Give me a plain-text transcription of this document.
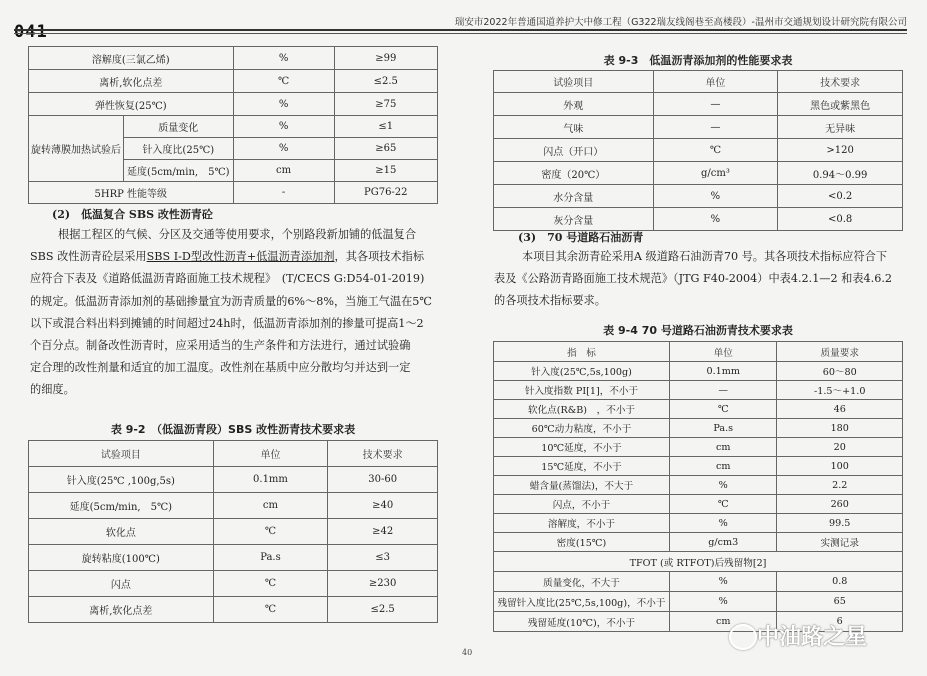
041	瑞安市2022年普通国道养护大中修工程（G322瑞友线阁巷至高楼段）-温州市交通规划设计研究院有限公司
溶解度(三氯乙烯)		%	≥99
离析,软化点差		℃	≤2.5
弹性恢复(25℃)		%	≥75
旋转薄膜加热试验后	质量变化	%	≤1
	针入度比(25℃)	%	≥65
	延度(5cm/min,　5℃)	cm	≥15
5HRP 性能等级		-	PG76-22
(2)　低温复合 SBS 改性沥青砼
根据工程区的气候、分区及交通等使用要求，个别路段新加铺的低温复合
SBS 改性沥青砼层采用SBS I-D型改性沥青+低温沥青添加剂，其各项技术指标
应符合下表及《道路低温沥青路面施工技术规程》　(T/CECS G:D54-01-2019)
的规定。低温沥青添加剂的基础掺量宜为沥青质量的6%～8%，当施工气温在5℃
以下或混合料出料到摊铺的时间超过24h时，低温沥青添加剂的掺量可提高1～2
个百分点。制备改性沥青时，应采用适当的生产条件和方法进行，通过试验确
定合理的改性剂量和适宜的加工温度。改性剂在基质中应分散均匀并达到一定
的细度。
表 9-2　（低温沥青段）SBS 改性沥青技术要求表
试验项目	单位	技术要求
针入度(25℃ ,100g,5s)	0.1mm	30-60
延度(5cm/min,　5℃)	cm	≥40
软化点	℃	≥42
旋转粘度(100℃)	Pa.s	≤3
闪点	℃	≥230
离析,软化点差	℃	≤2.5
表 9-3　低温沥青添加剂的性能要求表
试验项目	单位	技术要求
外观	—	黑色或紫黑色
气味	—	无异味
闪点（开口）	℃	>120
密度（20℃）	g/cm³	0.94～0.99
水分含量	%	<0.2
灰分含量	%	<0.8
(3)　70 号道路石油沥青
本项目其余沥青砼采用A 级道路石油沥青70 号。其各项技术指标应符合下
表及《公路沥青路面施工技术规范》（JTG F40-2004）中表4.2.1—2 和表4.6.2
的各项技术指标要求。
表 9-4 70 号道路石油沥青技术要求表
指　标	单位	质量要求
针入度(25℃,5s,100g)	0.1mm	60～80
针入度指数 PI[1]，不小于	—	-1.5～+1.0
软化点(R&B)　，不小于	℃	46
60℃动力粘度，不小于	Pa.s	180
10℃延度，不小于	cm	20
15℃延度，不小于	cm	100
蜡含量(蒸馏法)，不大于	%	2.2
闪点，不小于	℃	260
溶解度，不小于	%	99.5
密度(15℃)	g/cm3	实测记录
TFOT (或 RTFOT)后残留物[2]		
质量变化，不大于	%	0.8
残留针入度比(25℃,5s,100g)，不小于	%	65
残留延度(10℃)，不小于	cm	6
40
中油路之星
